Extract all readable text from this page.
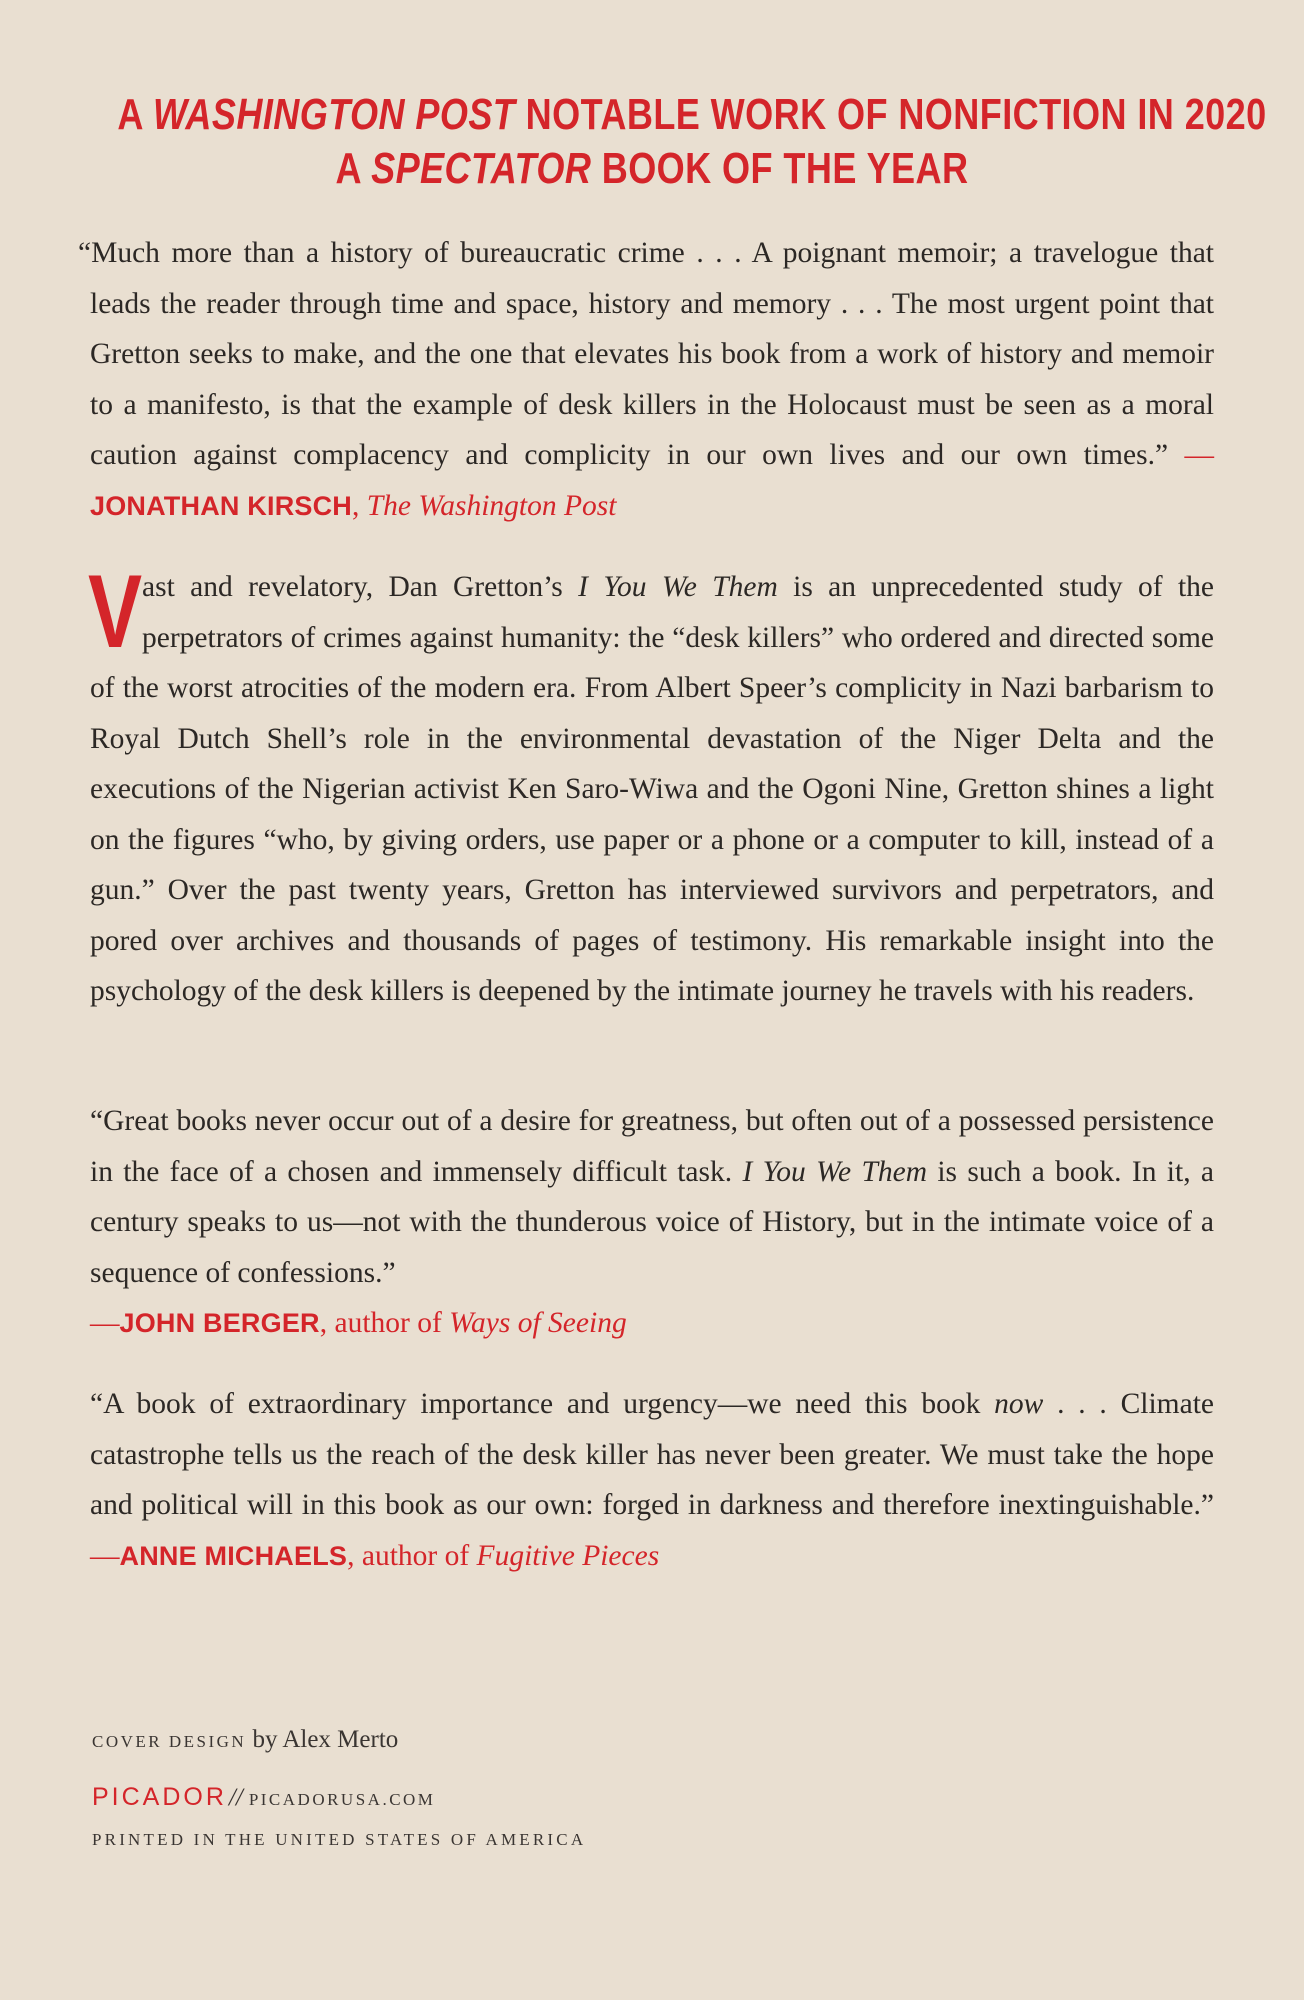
A WASHINGTON POST NOTABLE WORK OF NONFICTION IN 2020
A SPECTATOR BOOK OF THE YEAR
“Much more than a history of bureaucratic crime . . . A poignant memoir; a travelogue that leads the reader through time and space, history and memory . . . The most urgent point that Gretton seeks to make, and the one that elevates his book from a work of history and memoir to a manifesto, is that the example of desk killers in the Holocaust must be seen as a moral caution against complacency and complicity in our own lives and our own times.” —JONATHAN KIRSCH, The Washington Post
Vast and revelatory, Dan Gretton’s I You We Them is an unprecedented study of the perpetrators of crimes against humanity: the “desk killers” who ordered and directed some of the worst atrocities of the modern era. From Albert Speer’s complicity in Nazi barbarism to Royal Dutch Shell’s role in the environmental devastation of the Niger Delta and the executions of the Nigerian activist Ken Saro-Wiwa and the Ogoni Nine, Gretton shines a light on the figures “who, by giving orders, use paper or a phone or a computer to kill, instead of a gun.” Over the past twenty years, Gretton has interviewed survivors and perpetrators, and pored over archives and thousands of pages of testimony. His remarkable insight into the psychology of the desk killers is deepened by the intimate journey he travels with his readers.
“Great books never occur out of a desire for greatness, but often out of a possessed persistence in the face of a chosen and immensely difficult task. I You We Them is such a book. In it, a century speaks to us—not with the thunderous voice of History, but in the intimate voice of a sequence of confessions.”
—JOHN BERGER, author of Ways of Seeing
“A book of extraordinary importance and urgency—we need this book now . . . Climate catastrophe tells us the reach of the desk killer has never been greater. We must take the hope and political will in this book as our own: forged in darkness and therefore inextinguishable.” —ANNE MICHAELS, author of Fugitive Pieces
COVER DESIGN by Alex Merto
PICADOR// PICADORUSA.COM
PRINTED IN THE UNITED STATES OF AMERICA
